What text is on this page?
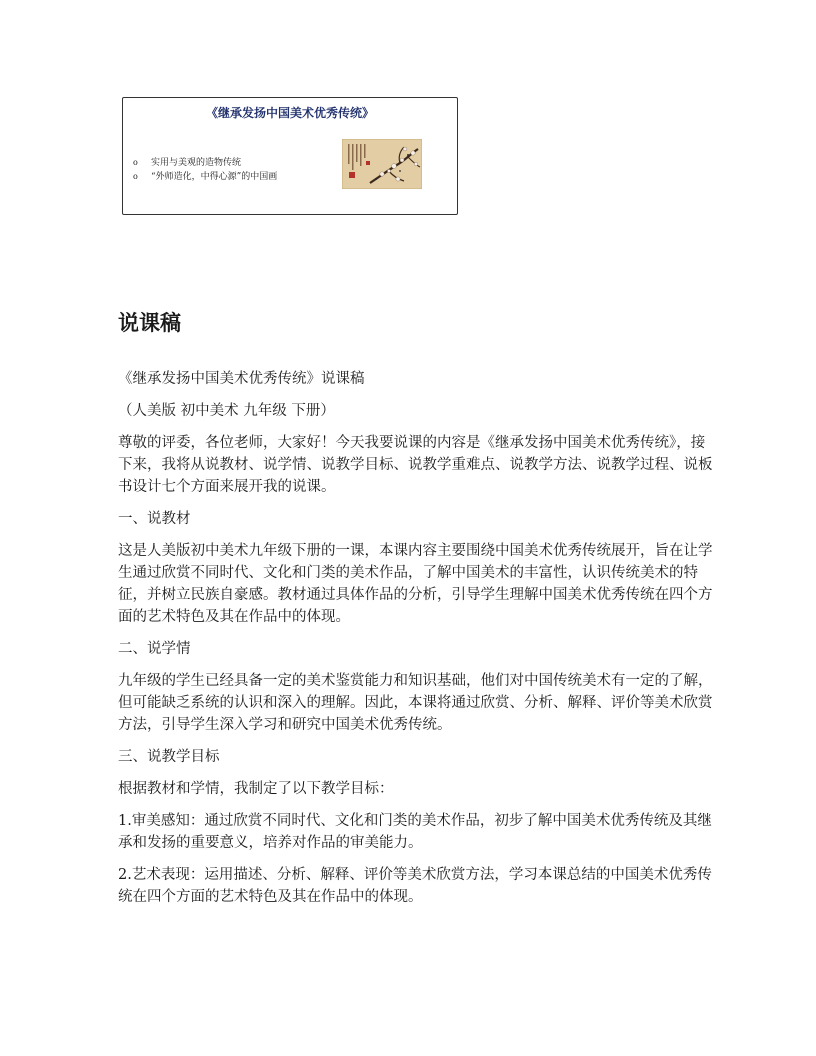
《继承发扬中国美术优秀传统》
o 实用与美观的造物传统
o “外师造化，中得心源”的中国画
说课稿

《继承发扬中国美术优秀传统》说课稿

（人美版 初中美术 九年级 下册）

尊敬的评委，各位老师，大家好！今天我要说课的内容是《继承发扬中国美术优秀传统》，接下来，我将从说教材、说学情、说教学目标、说教学重难点、说教学方法、说教学过程、说板书设计七个方面来展开我的说课。

一、说教材

这是人美版初中美术九年级下册的一课，本课内容主要围绕中国美术优秀传统展开，旨在让学生通过欣赏不同时代、文化和门类的美术作品，了解中国美术的丰富性，认识传统美术的特征，并树立民族自豪感。教材通过具体作品的分析，引导学生理解中国美术优秀传统在四个方面的艺术特色及其在作品中的体现。

二、说学情

九年级的学生已经具备一定的美术鉴赏能力和知识基础，他们对中国传统美术有一定的了解，但可能缺乏系统的认识和深入的理解。因此，本课将通过欣赏、分析、解释、评价等美术欣赏方法，引导学生深入学习和研究中国美术优秀传统。

三、说教学目标

根据教材和学情，我制定了以下教学目标：

1.审美感知：通过欣赏不同时代、文化和门类的美术作品，初步了解中国美术优秀传统及其继承和发扬的重要意义，培养对作品的审美能力。

2.艺术表现：运用描述、分析、解释、评价等美术欣赏方法，学习本课总结的中国美术优秀传统在四个方面的艺术特色及其在作品中的体现。
